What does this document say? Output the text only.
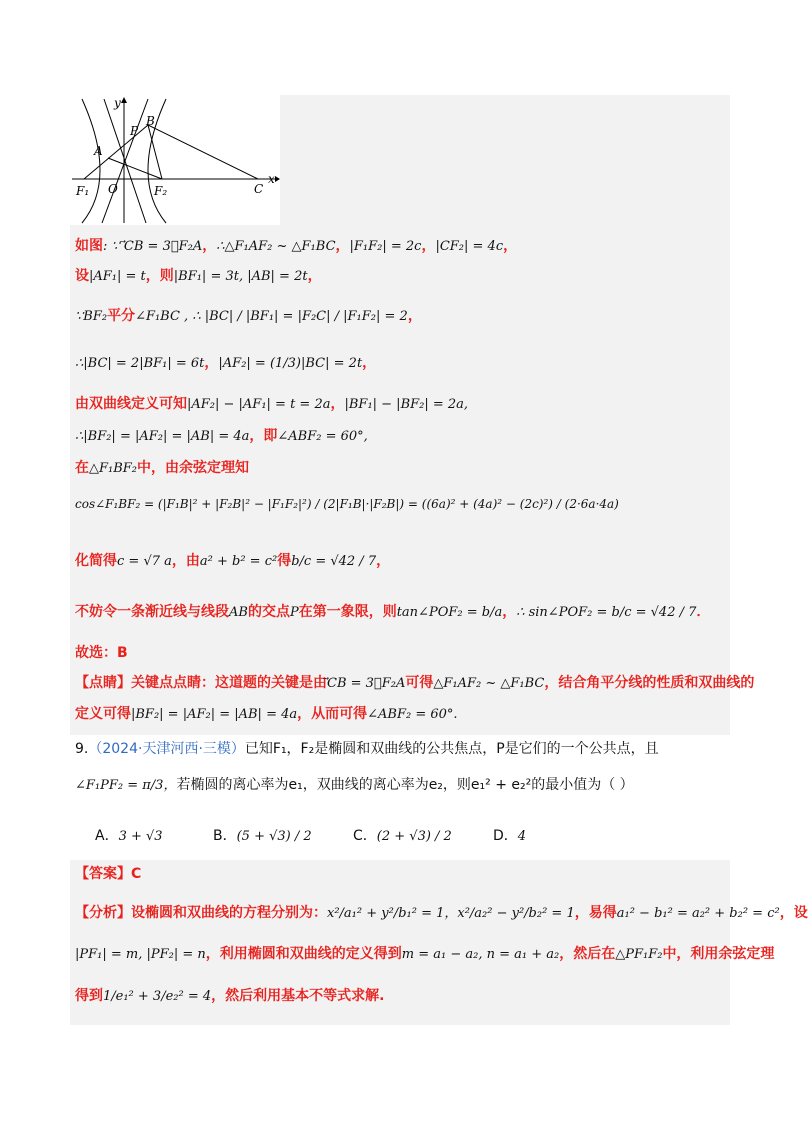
y
x
P
B
A
F₁ O	F₂	C
如图: ∵ ⃗CB = 3⃗F₂A，∴△F₁AF₂ ~ △F₁BC，|F₁F₂| = 2c，|CF₂| = 4c，
设|AF₁| = t，则|BF₁| = 3t, |AB| = 2t，
∵BF₂平分∠F₁BC , ∴ |BC| / |BF₁| = |F₂C| / |F₁F₂| = 2，
∴|BC| = 2|BF₁| = 6t，|AF₂| = (1/3)|BC| = 2t，
由双曲线定义可知|AF₂| − |AF₁| = t = 2a，|BF₁| − |BF₂| = 2a,
∴|BF₂| = |AF₂| = |AB| = 4a，即∠ABF₂ = 60°,
在△F₁BF₂中，由余弦定理知
cos∠F₁BF₂ = (|F₁B|² + |F₂B|² − |F₁F₂|²) / (2|F₁B|·|F₂B|) = ((6a)² + (4a)² − (2c)²) / (2·6a·4a)
化简得c = √7 a，由a² + b² = c²得b/c = √42 / 7，
不妨令一条渐近线与线段AB的交点P在第一象限，则tan∠POF₂ = b/a，∴ sin∠POF₂ = b/c = √42 / 7．
故选：B
【点睛】关键点点睛：这道题的关键是由⃗CB = 3⃗F₂A可得△F₁AF₂ ~ △F₁BC，结合角平分线的性质和双曲线的
定义可得|BF₂| = |AF₂| = |AB| = 4a，从而可得∠ABF₂ = 60°.
9.（2024·天津河西·三模）已知F₁，F₂是椭圆和双曲线的公共焦点，P是它们的一个公共点，且
∠F₁PF₂ = π/3，若椭圆的离心率为e₁，双曲线的离心率为e₂，则e₁² + e₂²的最小值为（ ）
A．3 + √3	B．(5 + √3) / 2	C．(2 + √3) / 2	D．4
【答案】C
【分析】设椭圆和双曲线的方程分别为：x²/a₁² + y²/b₁² = 1，x²/a₂² − y²/b₂² = 1，易得a₁² − b₁² = a₂² + b₂² = c²，设
|PF₁| = m, |PF₂| = n，利用椭圆和双曲线的定义得到m = a₁ − a₂, n = a₁ + a₂，然后在△PF₁F₂中，利用余弦定理
得到1/e₁² + 3/e₂² = 4，然后利用基本不等式求解.
